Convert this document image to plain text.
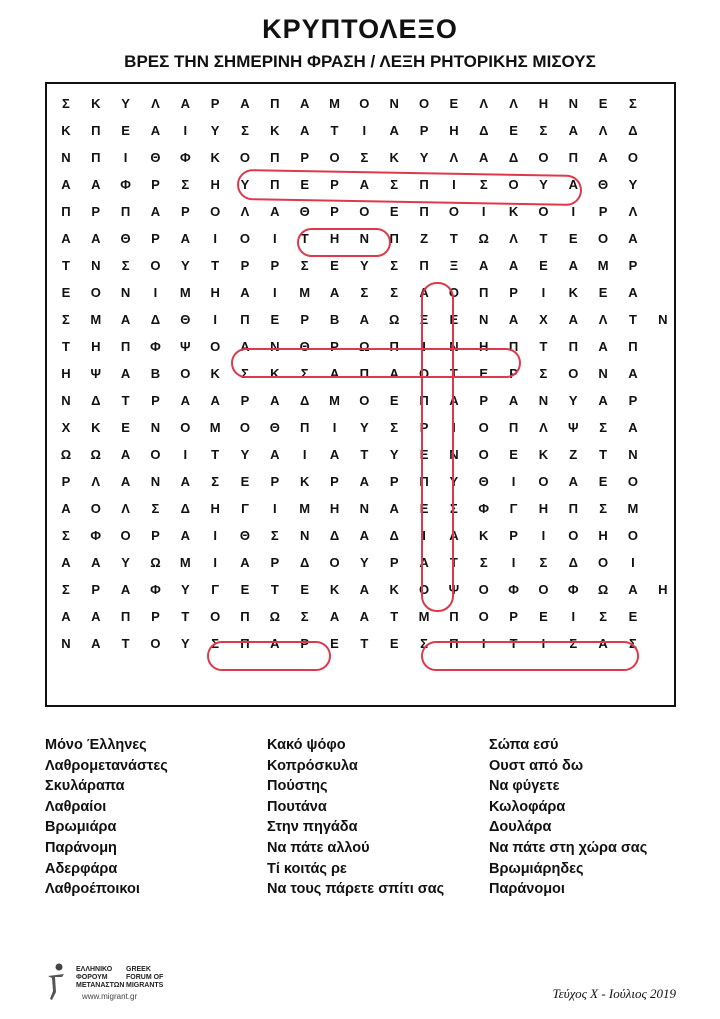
ΚΡΥΠΤΟΛΕΞΟ
ΒΡΕΣ ΤΗΝ ΣΗΜΕΡΙΝΗ ΦΡΑΣΗ / ΛΕΞΗ ΡΗΤΟΡΙΚΗΣ ΜΙΣΟΥΣ
Σ	Κ	Υ	Λ	Α	Ρ	Α	Π	Α	Μ	Ο	Ν	Ο	Ε	Λ	Λ	Η	Ν	Ε	Σ
Κ	Π	Ε	Α	Ι	Υ	Σ	Κ	Α	Τ	Ι	Α	Ρ	Η	Δ	Ε	Σ	Α	Λ	Δ
Ν	Π	Ι	Θ	Φ	Κ	Ο	Π	Ρ	Ο	Σ	Κ	Υ	Λ	Α	Δ	Ο	Π	Α	Ο
Α	Α	Φ	Ρ	Σ	Η	Υ	Π	Ε	Ρ	Α	Σ	Π	Ι	Σ	Ο	Υ	Α	Θ	Υ
Π	Ρ	Π	Α	Ρ	Ο	Λ	Α	Θ	Ρ	Ο	Ε	Π	Ο	Ι	Κ	Ο	Ι	Ρ	Λ
Α	Α	Θ	Ρ	Α	Ι	Ο	Ι	Τ	Η	Ν	Π	Ζ	Τ	Ω	Λ	Τ	Ε	Ο	Α
Τ	Ν	Σ	Ο	Υ	Τ	Ρ	Ρ	Σ	Ε	Υ	Σ	Π	Ξ	Α	Α	Ε	Α	Μ	Ρ
Ε	Ο	Ν	Ι	Μ	Η	Α	Ι	Μ	Α	Σ	Σ	Α	Ο	Π	Ρ	Ι	Κ	Ε	Α
Σ	Μ	Α	Δ	Θ	Ι	Π	Ε	Ρ	Β	Α	Ω	Ξ	Ε	Ν	Α	Χ	Α	Λ	Τ	Ν
Τ	Η	Π	Φ	Ψ	Ο	Α	Ν	Θ	Ρ	Ω	Π	Ι	Ν	Η	Π	Τ	Π	Α	Π
Η	Ψ	Α	Β	Ο	Κ	Σ	Κ	Σ	Α	Π	Α	Ο	Τ	Ε	Ρ	Σ	Ο	Ν	Α
Ν	Δ	Τ	Ρ	Α	Α	Ρ	Α	Δ	Μ	Ο	Ε	Π	Α	Ρ	Α	Ν	Υ	Α	Ρ
Χ	Κ	Ε	Ν	Ο	Μ	Ο	Θ	Π	Ι	Υ	Σ	Ρ	Ι	Ο	Π	Λ	Ψ	Σ	Α
Ω	Ω	Α	Ο	Ι	Τ	Υ	Α	Ι	Α	Τ	Υ	Ε	Ν	Ο	Ε	Κ	Ζ	Τ	Ν
Ρ	Λ	Α	Ν	Α	Σ	Ε	Ρ	Κ	Ρ	Α	Ρ	Π	Υ	Θ	Ι	Ο	Α	Ε	Ο
Α	Ο	Λ	Σ	Δ	Η	Γ	Ι	Μ	Η	Ν	Α	Ε	Σ	Φ	Γ	Η	Π	Σ	Μ
Σ	Φ	Ο	Ρ	Α	Ι	Θ	Σ	Ν	Δ	Α	Δ	Ι	Α	Κ	Ρ	Ι	Ο	Η	Ο
Α	Α	Υ	Ω	Μ	Ι	Α	Ρ	Δ	Ο	Υ	Ρ	Α	Τ	Σ	Ι	Σ	Δ	Ο	Ι
Σ	Ρ	Α	Φ	Υ	Γ	Ε	Τ	Ε	Κ	Α	Κ	Ο	Ψ	Ο	Φ	Ο	Φ	Ω	Α	Η
Α	Α	Π	Ρ	Τ	Ο	Π	Ω	Σ	Α	Α	Τ	Μ	Π	Ο	Ρ	Ε	Ι	Σ	Ε
Ν	Α	Τ	Ο	Υ	Σ	Π	Α	Ρ	Ε	Τ	Ε	Σ	Π	Ι	Τ	Ι	Σ	Α	Σ
Μόνο Έλληνες
Λαθρομετανάστες
Σκυλάραπα
Λαθραίοι
Βρωμιάρα
Παράνομη
Αδερφάρα
Λαθροέποικοι
Κακό ψόφο
Κοπρόσκυλα
Πούστης
Πουτάνα
Στην πηγάδα
Να πάτε αλλού
Τί κοιτάς ρε
Να τους πάρετε σπίτι σας
Σώπα εσύ
Ουστ από δω
Να φύγετε
Κωλοφάρα
Δουλάρα
Να πάτε στη χώρα σας
Βρωμιάρηδες
Παράνομοι
ΕΛΛΗΝΙΚΟ
ΦΟΡΟΥΜ
ΜΕΤΑΝΑΣΤΩΝ
GREEK
FORUM OF
MIGRANTS
www.migrant.gr	Τεύχος X - Ιούλιος 2019
